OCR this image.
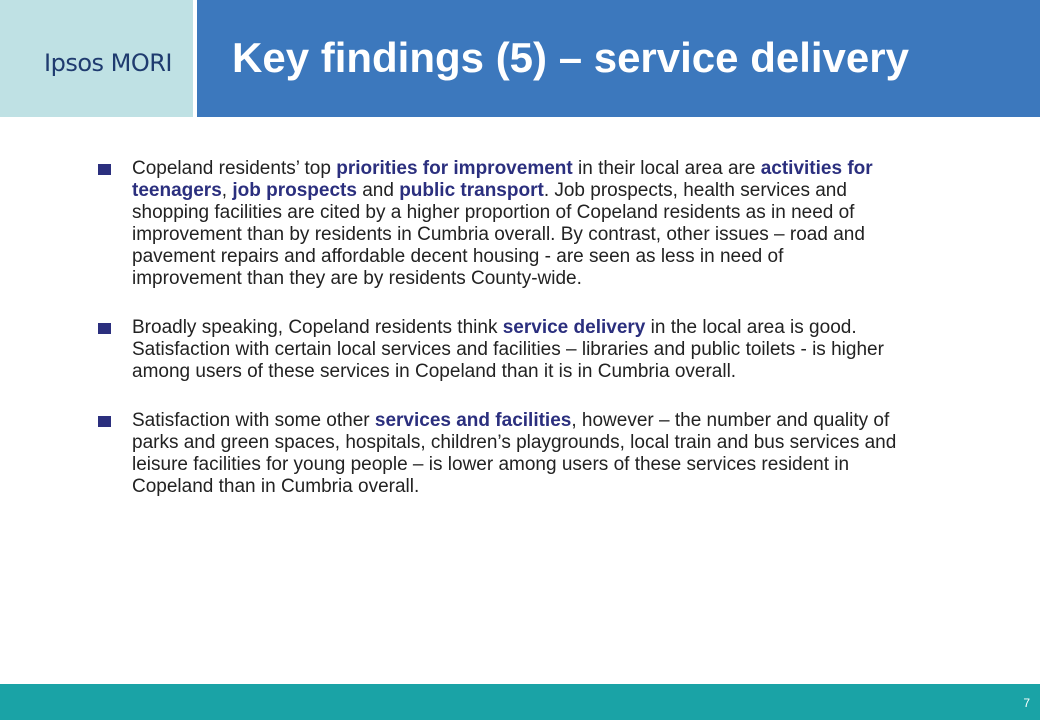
Ipsos MORI Key findings (5) – service delivery
Copeland residents’ top priorities for improvement in their local area are activities for teenagers, job prospects and public transport. Job prospects, health services and shopping facilities are cited by a higher proportion of Copeland residents as in need of improvement than by residents in Cumbria overall. By contrast, other issues – road and pavement repairs and affordable decent housing - are seen as less in need of improvement than they are by residents County-wide.
Broadly speaking, Copeland residents think service delivery in the local area is good. Satisfaction with certain local services and facilities – libraries and public toilets - is higher among users of these services in Copeland than it is in Cumbria overall.
Satisfaction with some other services and facilities, however – the number and quality of parks and green spaces, hospitals, children’s playgrounds, local train and bus services and leisure facilities for young people – is lower among users of these services resident in Copeland than in Cumbria overall.
7
